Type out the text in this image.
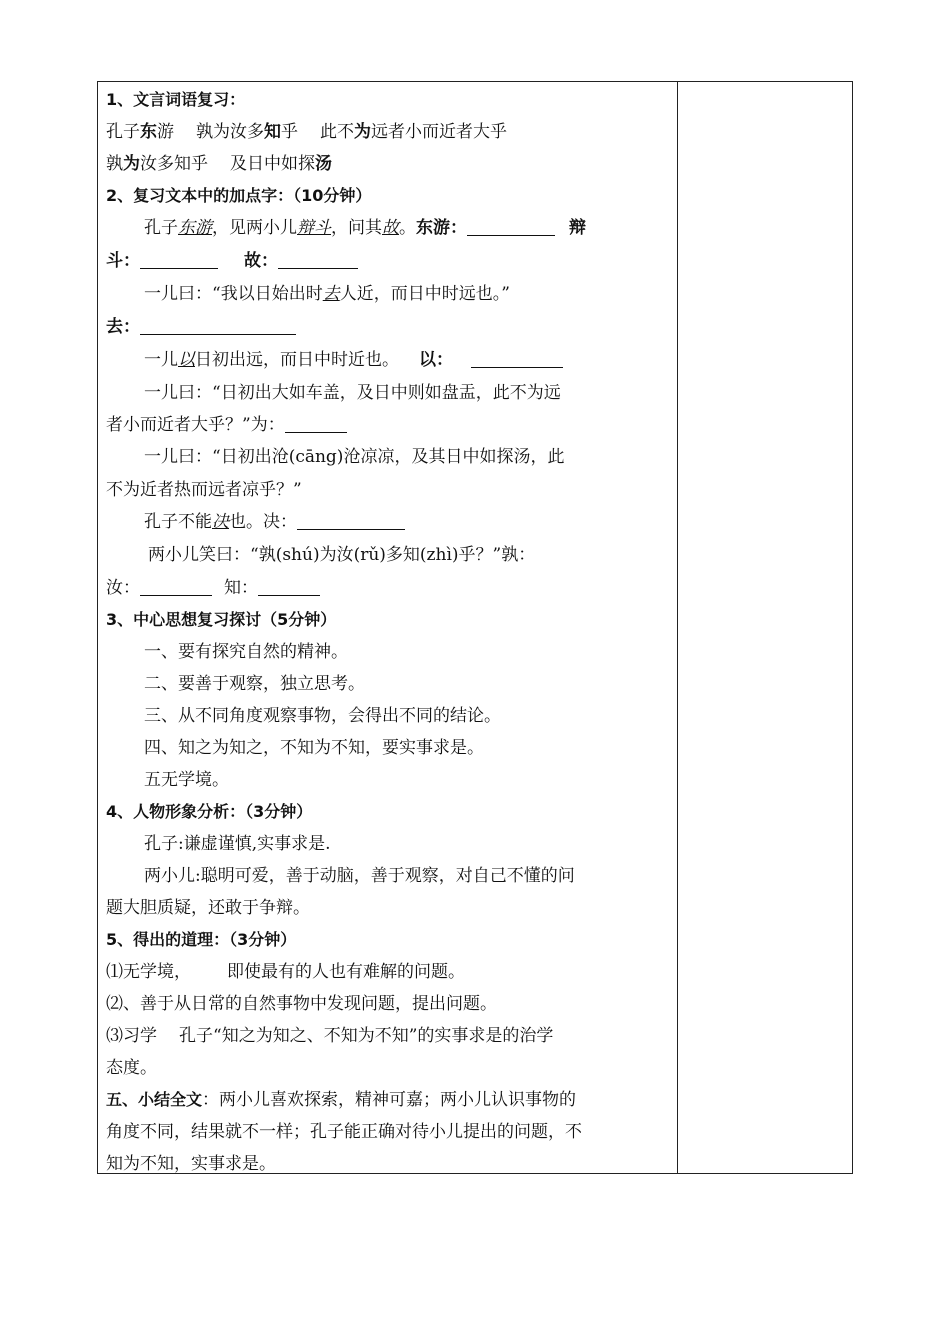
1、文言词语复习：
孔子东游 孰为汝多知乎 此不为远者小而近者大乎
孰为汝多知乎 及日中如探汤
2、复习文本中的加点字：（10分钟）
孔子东游，见两小儿辩斗，问其故。东游：	辩
斗：	故：
一儿曰：“我以日始出时去人近，而日中时远也。”
去：
一儿以日初出远，而日中时近也。 以：
一儿曰：“日初出大如车盖，及日中则如盘盂，此不为远
者小而近者大乎？”为：
一儿曰：“日初出沧(cāng)沧凉凉，及其日中如探汤，此
不为近者热而远者凉乎？”
孔子不能决也。决：
两小儿笑曰：“孰(shú)为汝(rǔ)多知(zhì)乎？”孰：
汝：	知：
3、中心思想复习探讨（5分钟）
一、要有探究自然的精神。
二、要善于观察，独立思考。
三、从不同角度观察事物，会得出不同的结论。
四、知之为知之，不知为不知，要实事求是。
五无学境。
4、人物形象分析：（3分钟）
孔子:谦虚谨慎,实事求是.
两小儿:聪明可爱，善于动脑，善于观察，对自己不懂的问
题大胆质疑，还敢于争辩。
5、得出的道理：（3分钟）
⑴无学境， 即使最有的人也有难解的问题。
⑵、善于从日常的自然事物中发现问题，提出问题。
⑶习学 孔子“知之为知之、不知为不知”的实事求是的治学
态度。
五、小结全文：两小儿喜欢探索，精神可嘉；两小儿认识事物的
角度不同，结果就不一样；孔子能正确对待小儿提出的问题，不
知为不知，实事求是。
